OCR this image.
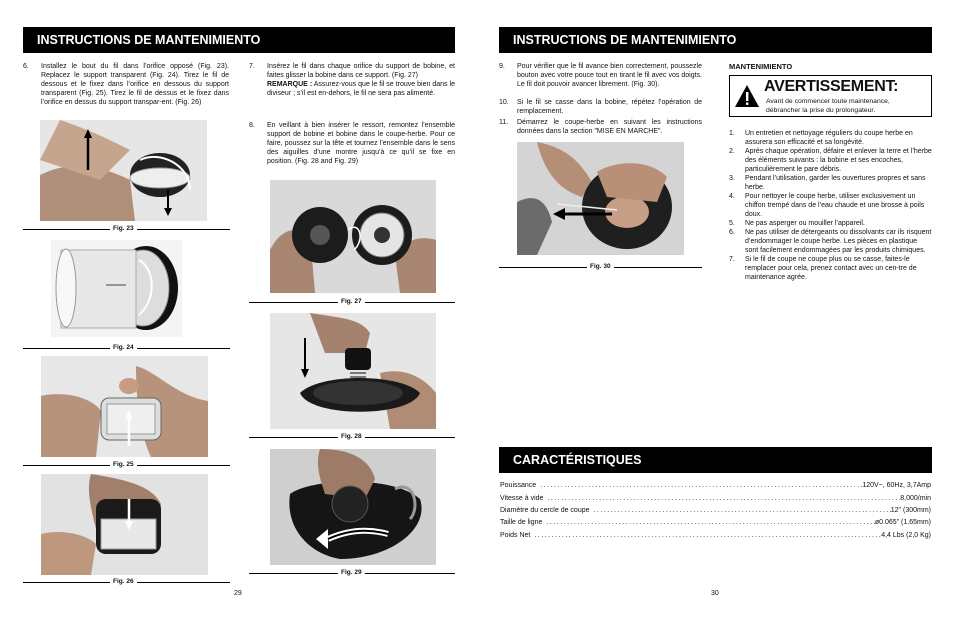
INSTRUCTIONS DE MANTENIMIENTO
6. Installez le bout du fil dans l’orifice opposé (Fig. 23). Replacez le support transparent (Fig. 24). Tirez le fil de dessous et le fixez dans l’orifice en dessous du support transparent (Fig. 25). Tirez le fil de dessus et le fixez dans l’orifice en dessus du support transpar-ent. (Fig. 26)
Fig. 23
Fig. 24
Fig. 25
Fig. 26
7. Insérez le fil dans chaque orifice du support de bobine, et faites glisser la bobine dans ce support. (Fig. 27)
REMARQUE : Assurez-vous que le fil se trouve bien dans le diviseur ; s’il est en-dehors, le fil ne sera pas alimenté.
8. En veillant à bien insérer le ressort, remontez l’ensemble support de bobine et bobine dans le coupe-herbe. Pour ce faire, poussez sur la tête et tournez l’ensemble dans le sens des aiguilles d’une montre jusqu’à ce qu’il se fixe en position. (Fig. 28 and Fig. 29)
Fig. 27
Fig. 28
Fig. 29
29
INSTRUCTIONS DE MANTENIMIENTO
9. Pour vérifier que le fil avance bien correctement, poussezle bouton avec votre pouce tout en tirant le fil avec vos doigts. Le fil doit pouvoir avancer librement. (Fig. 30).
10. Si le fil se casse dans la bobine, répétez l’opération de remplacement.
11. Démarrez le coupe-herbe en suivant les instructions données dans la section "MISE EN MARCHE".
Fig. 30
MANTENIMIENTO
AVERTISSEMENT:
Avant de commencer toute maintenance, débrancher la prise du prolongateur.
1. Un entretien et nettoyage réguliers du coupe herbe en assurera son efficacité et sa longévité.
2. Après chaque opération, défaire et enlever la terre et l’herbe des éléments suivants : la bobine et ses encoches, particulièrement le pare débris.
3. Pendant l’utilisation, garder les ouvertures propres et sans herbe.
4. Pour nettoyer le coupe herbe, utiliser exclusivement un chiffon trempé dans de l’eau chaude et une brosse à poils doux.
5. Ne pas asperger ou mouiller l’appareil.
6. Ne pas utiliser de détergeants ou dissolvants car ils risquent d’endommager le coupe herbe. Les pièces en plastique sont facilement endommagées par les produits chimiques.
7. Si le fil de coupe ne coupe plus ou se casse, faites-le remplacer pour cela, prenez contact avec un cen-tre de maintenance agrée.
CARACTÉRISTIQUES
Pouissance .....	120V~, 60Hz, 3,7Amp
Vitesse à vide .....	8,000/min
Diamètre du cercle de coupe .....	12" (300mm)
Taille de ligne .....	ø0.065" (1.65mm)
Poids Net .....	4,4 Lbs (2,0 Kg)
30
